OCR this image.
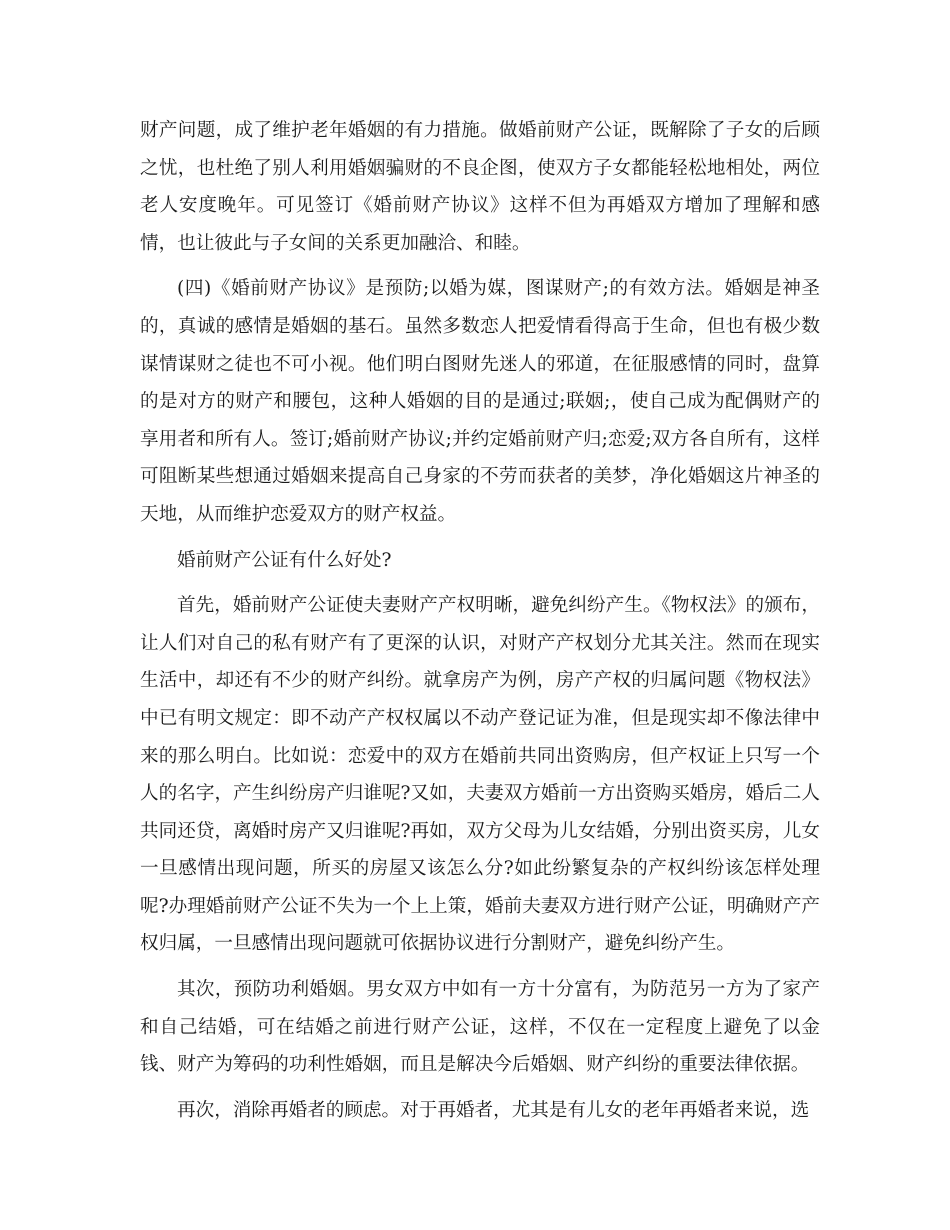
财产问题，成了维护老年婚姻的有力措施。做婚前财产公证，既解除了子女的后顾之忧，也杜绝了别人利用婚姻骗财的不良企图，使双方子女都能轻松地相处，两位老人安度晚年。可见签订《婚前财产协议》这样不但为再婚双方增加了理解和感情，也让彼此与子女间的关系更加融洽、和睦。

(四)《婚前财产协议》是预防;以婚为媒，图谋财产;的有效方法。婚姻是神圣的，真诚的感情是婚姻的基石。虽然多数恋人把爱情看得高于生命，但也有极少数谋情谋财之徒也不可小视。他们明白图财先迷人的邪道，在征服感情的同时，盘算的是对方的财产和腰包，这种人婚姻的目的是通过;联姻;，使自己成为配偶财产的享用者和所有人。签订;婚前财产协议;并约定婚前财产归;恋爱;双方各自所有，这样可阻断某些想通过婚姻来提高自己身家的不劳而获者的美梦，净化婚姻这片神圣的天地，从而维护恋爱双方的财产权益。

婚前财产公证有什么好处?

首先，婚前财产公证使夫妻财产产权明晰，避免纠纷产生。《物权法》的颁布，让人们对自己的私有财产有了更深的认识，对财产产权划分尤其关注。然而在现实生活中，却还有不少的财产纠纷。就拿房产为例，房产产权的归属问题《物权法》中已有明文规定：即不动产产权权属以不动产登记证为准，但是现实却不像法律中来的那么明白。比如说：恋爱中的双方在婚前共同出资购房，但产权证上只写一个人的名字，产生纠纷房产归谁呢?又如，夫妻双方婚前一方出资购买婚房，婚后二人共同还贷，离婚时房产又归谁呢?再如，双方父母为儿女结婚，分别出资买房，儿女一旦感情出现问题，所买的房屋又该怎么分?如此纷繁复杂的产权纠纷该怎样处理呢?办理婚前财产公证不失为一个上上策，婚前夫妻双方进行财产公证，明确财产产权归属，一旦感情出现问题就可依据协议进行分割财产，避免纠纷产生。

其次，预防功利婚姻。男女双方中如有一方十分富有，为防范另一方为了家产和自己结婚，可在结婚之前进行财产公证，这样，不仅在一定程度上避免了以金钱、财产为筹码的功利性婚姻，而且是解决今后婚姻、财产纠纷的重要法律依据。

再次，消除再婚者的顾虑。对于再婚者，尤其是有儿女的老年再婚者来说，选
